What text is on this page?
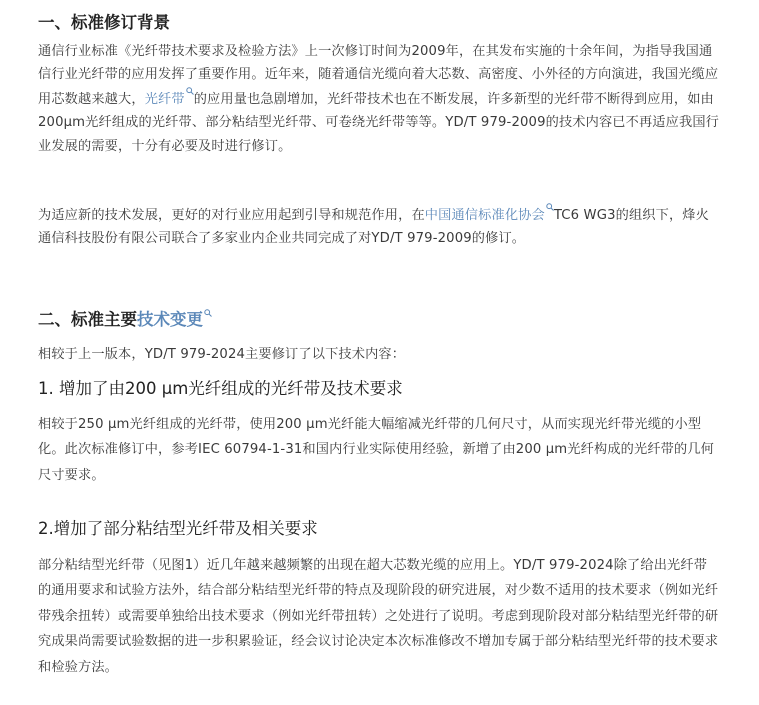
一、标准修订背景

通信行业标准《光纤带技术要求及检验方法》上一次修订时间为2009年，在其发布实施的十余年间，为指导我国通信行业光纤带的应用发挥了重要作用。近年来，随着通信光缆向着大芯数、高密度、小外径的方向演进，我国光缆应用芯数越来越大，光纤带 的应用量也急剧增加，光纤带技术也在不断发展，许多新型的光纤带不断得到应用，如由200μm光纤组成的光纤带、部分粘结型光纤带、可卷绕光纤带等等。YD/T 979-2009的技术内容已不再适应我国行业发展的需要，十分有必要及时进行修订。

为适应新的技术发展，更好的对行业应用起到引导和规范作用，在中国通信标准化协会 TC6 WG3的组织下，烽火通信科技股份有限公司联合了多家业内企业共同完成了对YD/T 979-2009的修订。

二、标准主要技术变更

相较于上一版本，YD/T 979-2024主要修订了以下技术内容：

1. 增加了由200 μm光纤组成的光纤带及技术要求

相较于250 μm光纤组成的光纤带，使用200 μm光纤能大幅缩减光纤带的几何尺寸，从而实现光纤带光缆的小型化。此次标准修订中，参考IEC 60794-1-31和国内行业实际使用经验，新增了由200 μm光纤构成的光纤带的几何尺寸要求。

2.增加了部分粘结型光纤带及相关要求

部分粘结型光纤带（见图1）近几年越来越频繁的出现在超大芯数光缆的应用上。YD/T 979-2024除了给出光纤带的通用要求和试验方法外，结合部分粘结型光纤带的特点及现阶段的研究进展，对少数不适用的技术要求（例如光纤带残余扭转）或需要单独给出技术要求（例如光纤带扭转）之处进行了说明。考虑到现阶段对部分粘结型光纤带的研究成果尚需要试验数据的进一步积累验证，经会议讨论决定本次标准修改不增加专属于部分粘结型光纤带的技术要求和检验方法。
